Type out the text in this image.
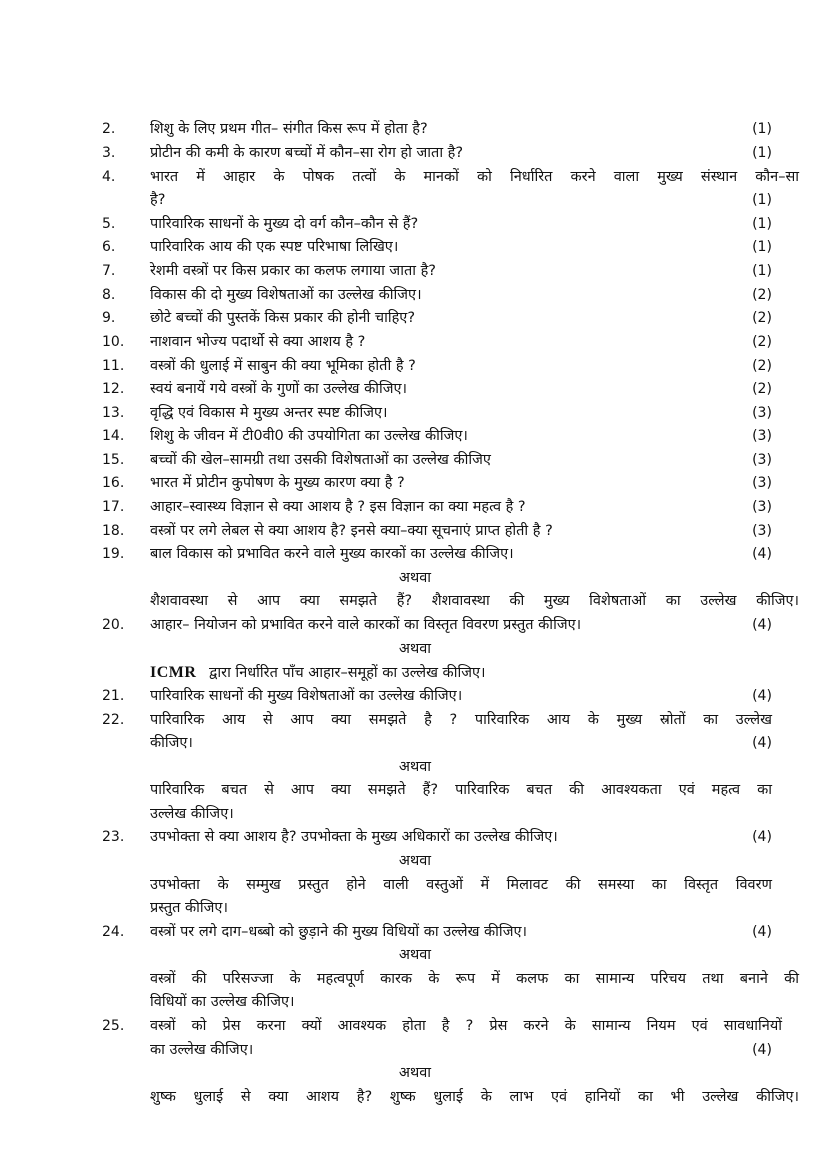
2.	शिशु के लिए प्रथम गीत– संगीत किस रूप में होता है?	(1)
3.	प्रोटीन की कमी के कारण बच्चों में कौन–सा रोग हो जाता है?	(1)
4.	भारत में आहार के पोषक तत्वों के मानकों को निर्धारित करने वाला मुख्य संस्थान कौन–सा
है?	(1)
5.	पारिवारिक साधनों के मुख्य दो वर्ग कौन–कौन से हैं?	(1)
6.	पारिवारिक आय की एक स्पष्ट परिभाषा लिखिए।	(1)
7.	रेशमी वस्त्रों पर किस प्रकार का कलफ लगाया जाता है?	(1)
8.	विकास की दो मुख्य विशेषताओं का उल्लेख कीजिए।	(2)
9.	छोटे बच्चों की पुस्तकें किस प्रकार की होनी चाहिए?	(2)
10.	नाशवान भोज्य पदार्थो से क्या आशय है ?	(2)
11.	वस्त्रों की धुलाई में साबुन की क्या भूमिका होती है ?	(2)
12.	स्वयं बनायें गये वस्त्रों के गुणों का उल्लेख कीजिए।	(2)
13.	वृद्धि एवं विकास मे मुख्य अन्तर स्पष्ट कीजिए।	(3)
14.	शिशु के जीवन में टी0वी0 की उपयोगिता का उल्लेख कीजिए।	(3)
15.	बच्चों की खेल–सामग्री तथा उसकी विशेषताओं का उल्लेख कीजिए	(3)
16.	भारत में प्रोटीन कुपोषण के मुख्य कारण क्या है ?	(3)
17.	आहार–स्वास्थ्य विज्ञान से क्या आशय है ? इस विज्ञान का क्या महत्व है ?	(3)
18.	वस्त्रों पर लगे लेबल से क्या आशय है? इनसे क्या–क्या सूचनाएं प्राप्त होती है ?	(3)
19.	बाल विकास को प्रभावित करने वाले मुख्य कारकों का उल्लेख कीजिए।	(4)
अथवा
शैशवावस्था से आप क्या समझते हैं? शैशवावस्था की मुख्य विशेषताओं का उल्लेख कीजिए।
20.	आहार– नियोजन को प्रभावित करने वाले कारकों का विस्तृत विवरण प्रस्तुत कीजिए।	(4)
अथवा
ICMR द्वारा निर्धारित पाँच आहार–समूहों का उल्लेख कीजिए।
21.	पारिवारिक साधनों की मुख्य विशेषताओं का उल्लेख कीजिए।	(4)
22.	पारिवारिक आय से आप क्या समझते है ? पारिवारिक आय के मुख्य स्रोतों का उल्लेख
कीजिए।	(4)
अथवा
पारिवारिक बचत से आप क्या समझते हैं? पारिवारिक बचत की आवश्यकता एवं महत्व का
उल्लेख कीजिए।
23.	उपभोक्ता से क्या आशय है? उपभोक्ता के मुख्य अधिकारों का उल्लेख कीजिए।	(4)
अथवा
उपभोक्ता के सम्मुख प्रस्तुत होने वाली वस्तुओं में मिलावट की समस्या का विस्तृत विवरण
प्रस्तुत कीजिए।
24.	वस्त्रों पर लगे दाग–धब्बो को छुड़ाने की मुख्य विधियों का उल्लेख कीजिए।	(4)
अथवा
वस्त्रों की परिसज्जा के महत्वपूर्ण कारक के रूप में कलफ का सामान्य परिचय तथा बनाने की
विधियों का उल्लेख कीजिए।
25.	वस्त्रों को प्रेस करना क्यों आवश्यक होता है ? प्रेस करने के सामान्य नियम एवं सावधानियों
का उल्लेख कीजिए।	(4)
अथवा
शुष्क धुलाई से क्या आशय है? शुष्क धुलाई के लाभ एवं हानियों का भी उल्लेख कीजिए।
